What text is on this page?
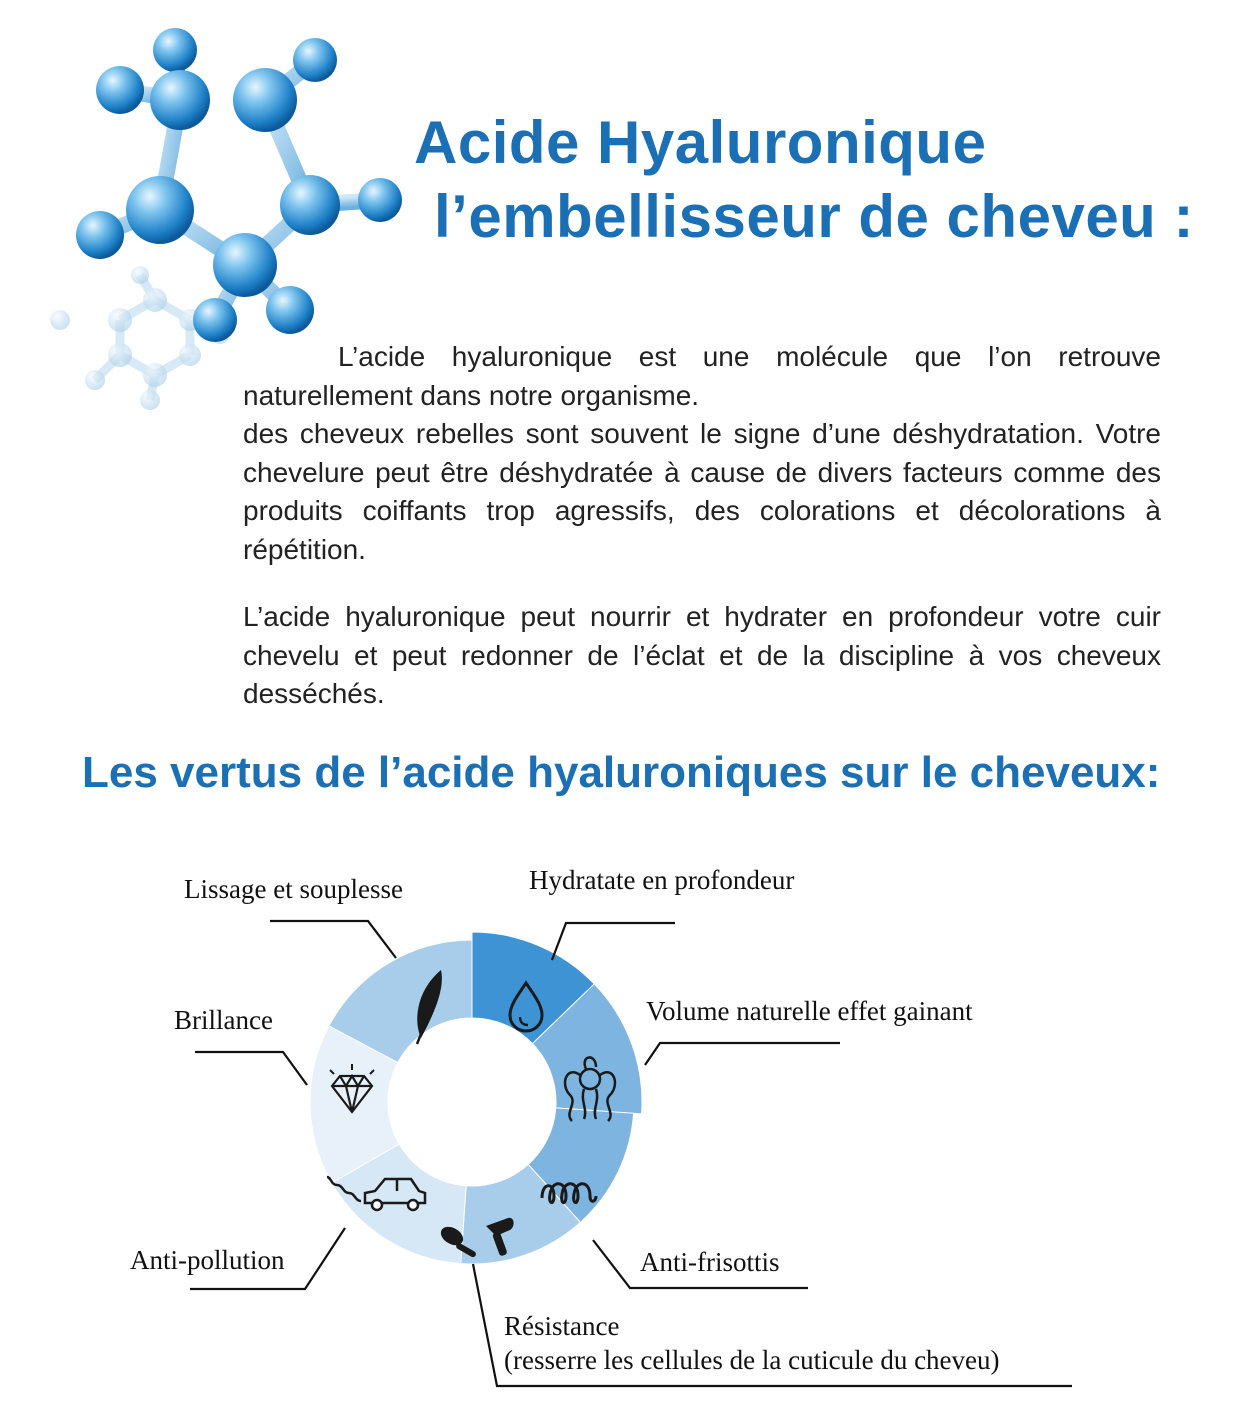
Acide Hyaluronique
l’embellisseur de cheveu :

L’acide hyaluronique est une molécule que l’on retrouve naturellement dans notre organisme.

des cheveux rebelles sont souvent le signe d’une déshydratation. Votre chevelure peut être déshydratée à cause de divers facteurs comme des produits coiffants trop agressifs, des colorations et décolorations à répétition.

L’acide hyaluronique peut nourrir et hydrater en profondeur votre cuir chevelu et peut redonner de l’éclat et de la discipline à vos cheveux desséchés.

Les vertus de l’acide hyaluroniques sur le cheveux:
Lissage et souplesse	Hydratate en profondeur
Brillance	Volume naturelle effet gainant
Anti-pollution	Anti-frisottis
Résistance
(resserre les cellules de la cuticule du cheveu)
